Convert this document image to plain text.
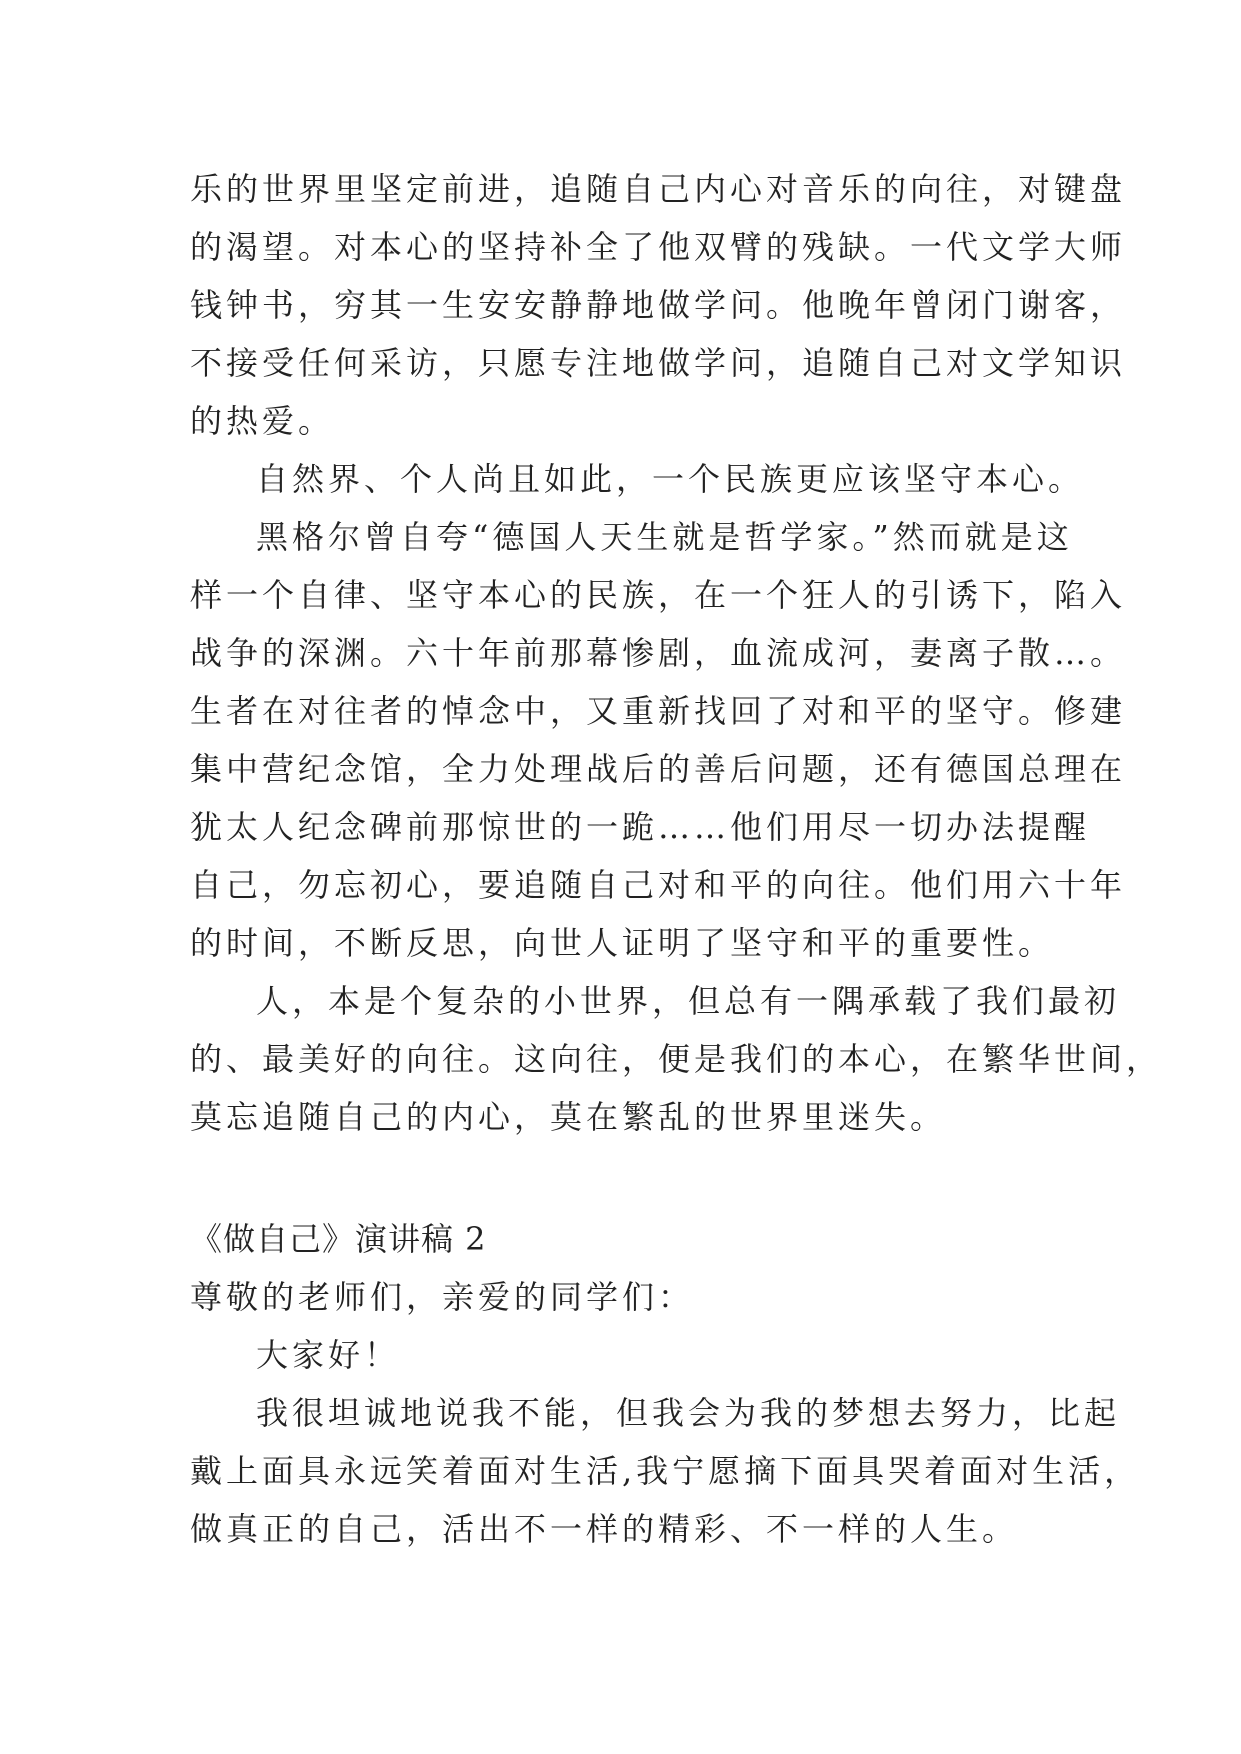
乐的世界里坚定前进，追随自己内心对音乐的向往，对键盘
的渴望。对本心的坚持补全了他双臂的残缺。一代文学大师
钱钟书，穷其一生安安静静地做学问。他晚年曾闭门谢客，
不接受任何采访，只愿专注地做学问，追随自己对文学知识
的热爱。
自然界、个人尚且如此，一个民族更应该坚守本心。
黑格尔曾自夸“德国人天生就是哲学家。”然而就是这
样一个自律、坚守本心的民族，在一个狂人的引诱下，陷入
战争的深渊。六十年前那幕惨剧，血流成河，妻离子散…。
生者在对往者的悼念中，又重新找回了对和平的坚守。修建
集中营纪念馆，全力处理战后的善后问题，还有德国总理在
犹太人纪念碑前那惊世的一跪……他们用尽一切办法提醒
自己，勿忘初心，要追随自己对和平的向往。他们用六十年
的时间，不断反思，向世人证明了坚守和平的重要性。
人，本是个复杂的小世界，但总有一隅承载了我们最初
的、最美好的向往。这向往，便是我们的本心，在繁华世间，
莫忘追随自己的内心，莫在繁乱的世界里迷失。
《做自己》演讲稿 2
尊敬的老师们，亲爱的同学们：
大家好！
我很坦诚地说我不能，但我会为我的梦想去努力，比起
戴上面具永远笑着面对生活,我宁愿摘下面具哭着面对生活，
做真正的自己，活出不一样的精彩、不一样的人生。
